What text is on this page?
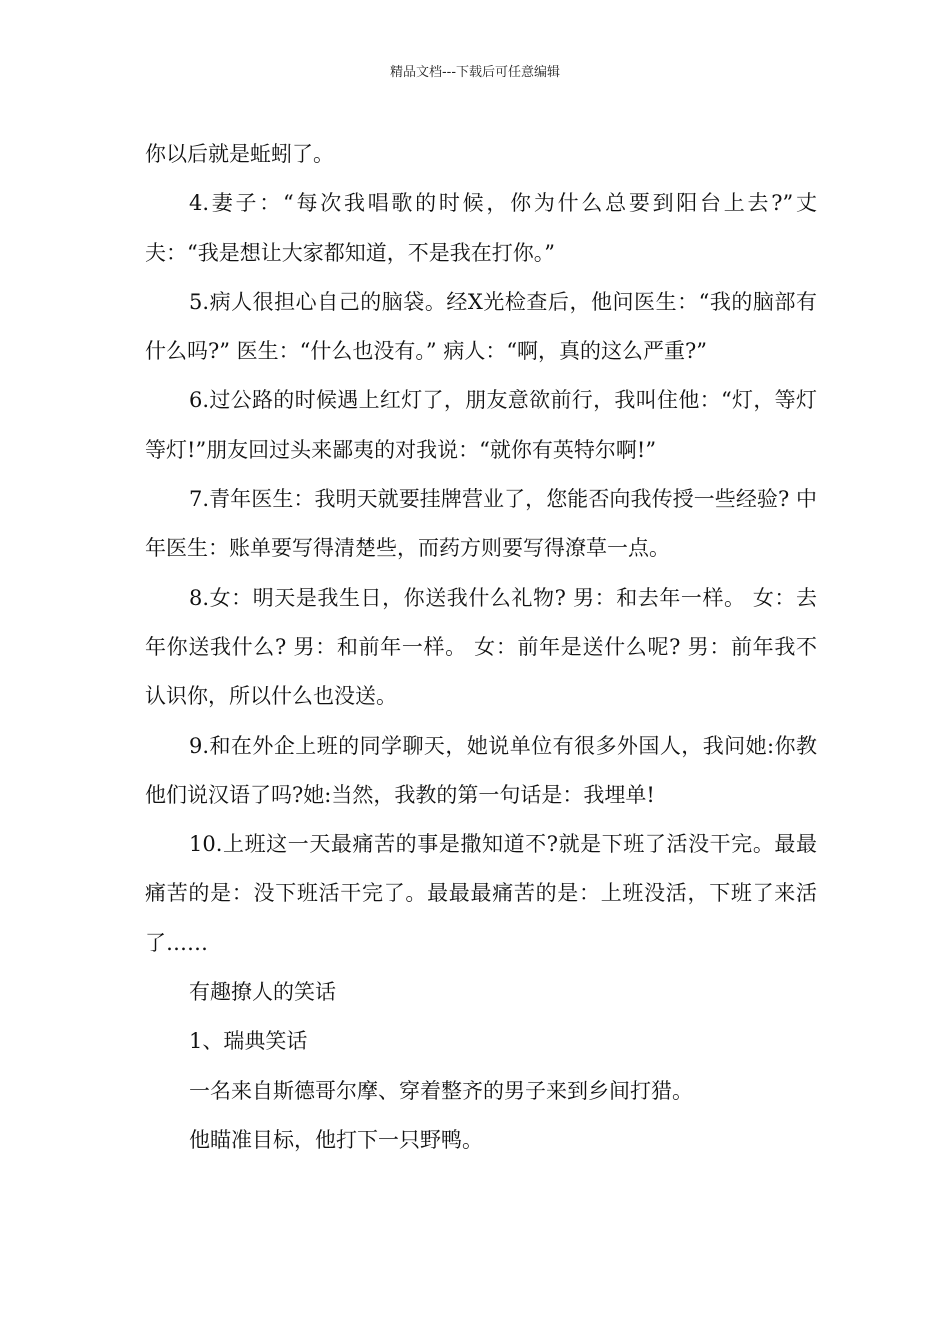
精品文档---下载后可任意编辑

你以后就是蚯蚓了。

4.妻子：“每次我唱歌的时候，你为什么总要到阳台上去?”丈夫：“我是想让大家都知道，不是我在打你。”

5.病人很担心自己的脑袋。经X光检查后，他问医生：“我的脑部有什么吗?” 医生：“什么也没有。” 病人：“啊，真的这么严重?”

6.过公路的时候遇上红灯了，朋友意欲前行，我叫住他：“灯，等灯等灯!”朋友回过头来鄙夷的对我说：“就你有英特尔啊!”

7.青年医生：我明天就要挂牌营业了，您能否向我传授一些经验? 中年医生：账单要写得清楚些，而药方则要写得潦草一点。

8.女：明天是我生日，你送我什么礼物? 男：和去年一样。 女：去年你送我什么? 男：和前年一样。 女：前年是送什么呢? 男：前年我不认识你，所以什么也没送。

9.和在外企上班的同学聊天，她说单位有很多外国人，我问她:你教他们说汉语了吗?她:当然，我教的第一句话是：我埋单!

10.上班这一天最痛苦的事是撒知道不?就是下班了活没干完。最最痛苦的是：没下班活干完了。最最最痛苦的是：上班没活，下班了来活了……

有趣撩人的笑话

1、瑞典笑话

一名来自斯德哥尔摩、穿着整齐的男子来到乡间打猎。

他瞄准目标，他打下一只野鸭。
